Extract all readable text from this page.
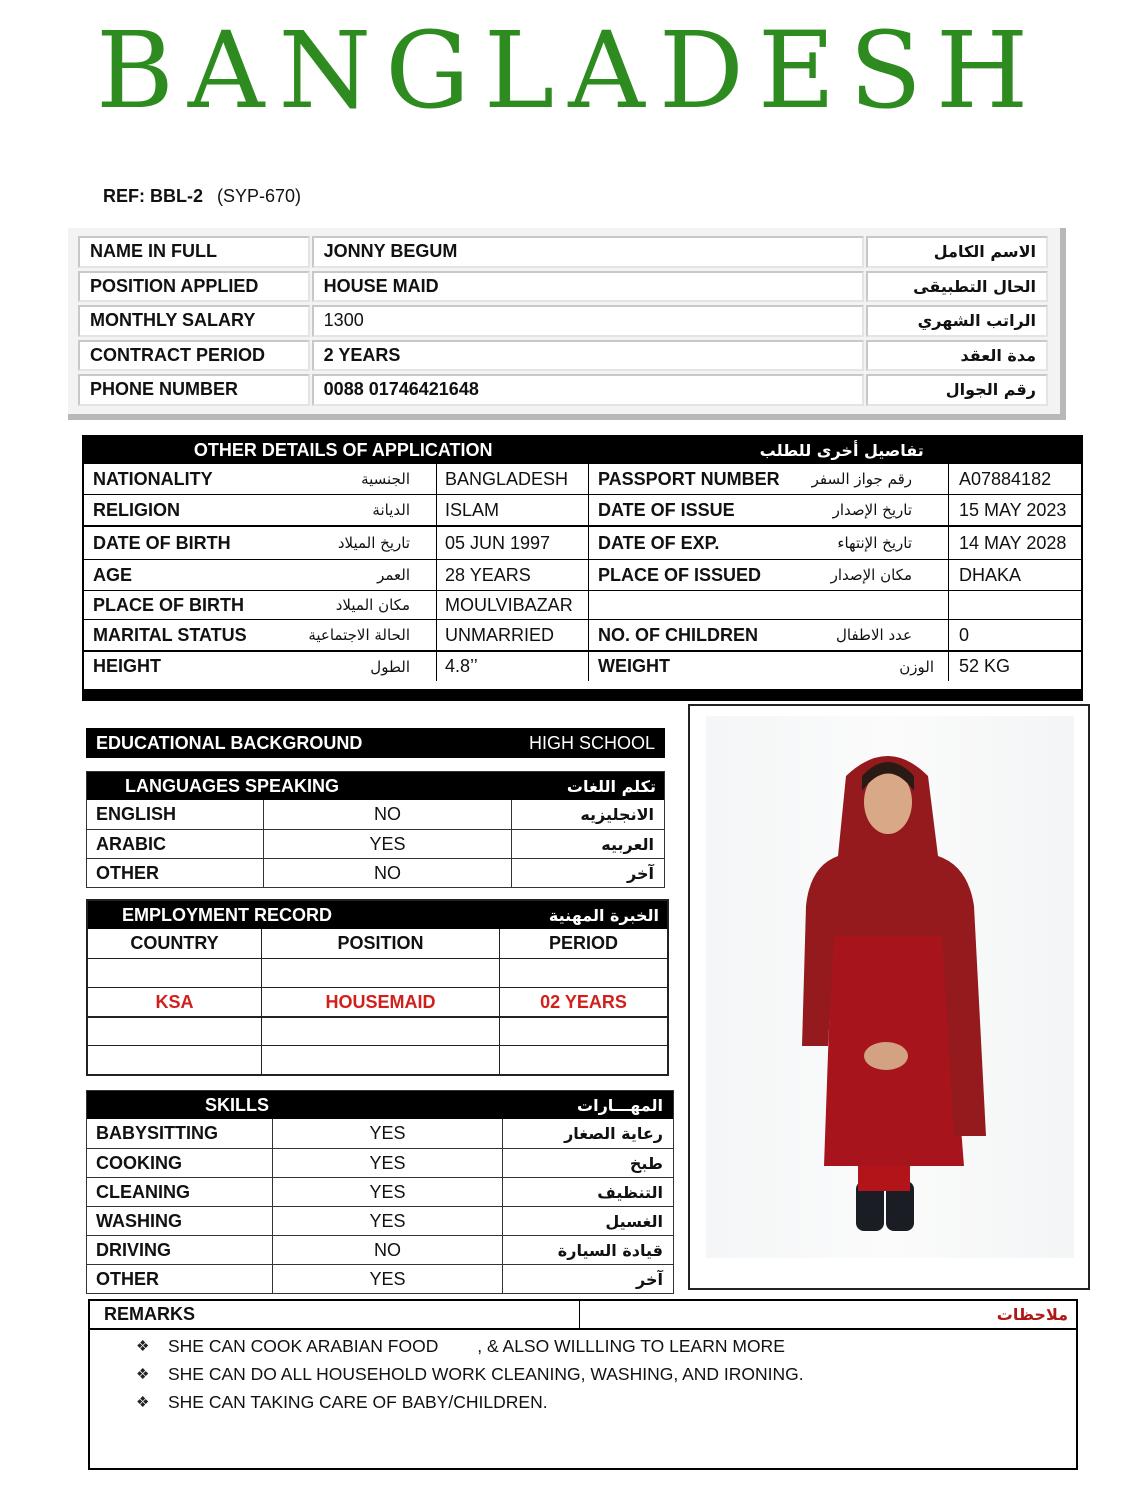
B A N G L A D E S H
REF: BBL-2 (SYP-670)
NAME IN FULL	JONNY BEGUM	الاسم الكامل
POSITION APPLIED	HOUSE MAID	الحال التطبيقى
MONTHLY SALARY	1300	الراتب الشهري
CONTRACT PERIOD	2 YEARS	مدة العقد
PHONE NUMBER	0088 01746421648	رقم الجوال
OTHER DETAILS OF APPLICATION	تفاصيل أخرى للطلب
NATIONALITY	الجنسية	BANGLADESH	PASSPORT NUMBER رقم جواز السفر	A07884182
RELIGION	الديانة	ISLAM	DATE OF ISSUE	تاريخ الإصدار	15 MAY 2023
DATE OF BIRTH	تاريخ الميلاد	05 JUN 1997	DATE OF EXP.	تاريخ الإنتهاء	14 MAY 2028
AGE	العمر	28 YEARS	PLACE OF ISSUED	مكان الإصدار	DHAKA
PLACE OF BIRTH	مكان الميلاد	MOULVIBAZAR
MARITAL STATUS	الحالة الاجتماعية	UNMARRIED	NO. OF CHILDREN	عدد الاطفال	0
HEIGHT	الطول	4.8’’	WEIGHT	الوزن	52 KG
EDUCATIONAL BACKGROUND	HIGH SCHOOL
LANGUAGES SPEAKING	تكلم اللغات
ENGLISH	NO	الانجليزيه
ARABIC	YES	العربيه
OTHER	NO	آخر
EMPLOYMENT RECORD	الخبرة المهنية
COUNTRY	POSITION	PERIOD
KSA	HOUSEMAID	02 YEARS
SKILLS	المهـــارات
BABYSITTING	YES	رعاية الصغار
COOKING	YES	طبخ
CLEANING	YES	التنظيف
WASHING	YES	الغسيل
DRIVING	NO	قيادة السيارة
OTHER	YES	آخر
REMARKS	ملاحظات
❖	SHE CAN COOK ARABIAN FOOD        , & ALSO WILLLING TO LEARN MORE
❖	SHE CAN DO ALL HOUSEHOLD WORK CLEANING, WASHING, AND IRONING.
❖	SHE CAN TAKING CARE OF BABY/CHILDREN.
